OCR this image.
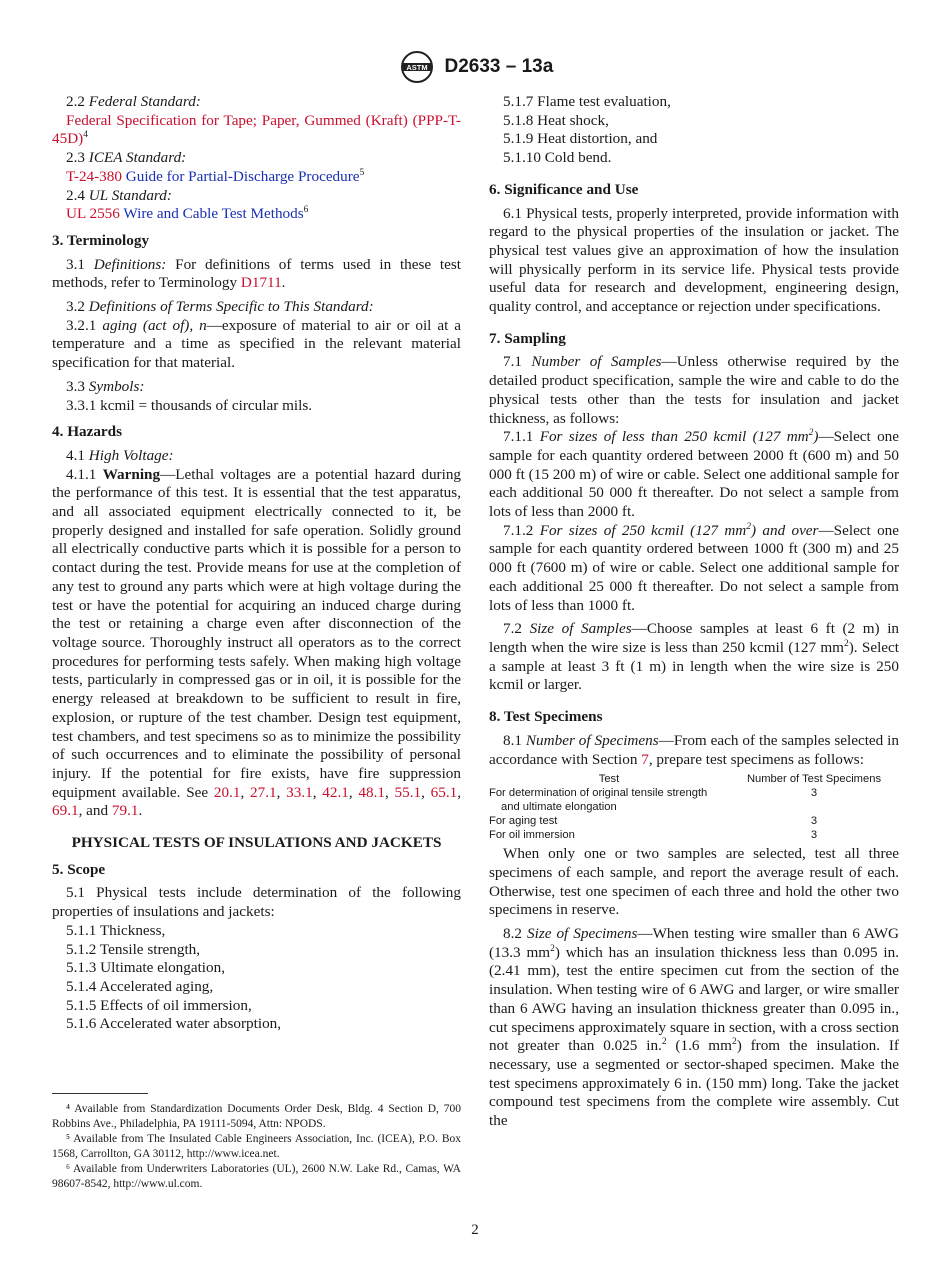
ASTM D2633 – 13a

2.2 Federal Standard:

Federal Specification for Tape; Paper, Gummed (Kraft) $(PPP-T-45D)^4$

2.3 ICEA Standard:

T-24-380 Guide for Partial-Discharge Procedure$^5$

2.4 UL Standard:

UL 2556 Wire and Cable Test Methods$^6$

3. Terminology

3.1 Definitions: For definitions of terms used in these test methods, refer to Terminology D1711.

3.2 Definitions of Terms Specific to This Standard:

3.2.1 aging (act of), n—exposure of material to air or oil at a temperature and a time as specified in the relevant material specification for that material.

3.3 Symbols:

3.3.1 kcmil = thousands of circular mils.

4. Hazards

4.1 High Voltage:

4.1.1 Warning—Lethal voltages are a potential hazard during the performance of this test. It is essential that the test apparatus, and all associated equipment electrically connected to it, be properly designed and installed for safe operation. Solidly ground all electrically conductive parts which it is possible for a person to contact during the test. Provide means for use at the completion of any test to ground any parts which were at high voltage during the test or have the potential for acquiring an induced charge during the test or retaining a charge even after disconnection of the voltage source. Thoroughly instruct all operators as to the correct procedures for performing tests safely. When making high voltage tests, particularly in compressed gas or in oil, it is possible for the energy released at breakdown to be sufficient to result in fire, explosion, or rupture of the test chamber. Design test equipment, test chambers, and test specimens so as to minimize the possibility of such occurrences and to eliminate the possibility of personal injury. If the potential for fire exists, have fire suppression equipment available. See 20.1, 27.1, 33.1, 42.1, 48.1, 55.1, 65.1, 69.1, and 79.1.

PHYSICAL TESTS OF INSULATIONS AND JACKETS
5. Scope

5.1 Physical tests include determination of the following properties of insulations and jackets:

5.1.1 Thickness,

5.1.2 Tensile strength,

5.1.3 Ultimate elongation,

5.1.4 Accelerated aging,

5.1.5 Effects of oil immersion,

5.1.6 Accelerated water absorption,

⁴ Available from Standardization Documents Order Desk, Bldg. 4 Section D, 700 Robbins Ave., Philadelphia, PA 19111-5094, Attn: NPODS.

⁵ Available from The Insulated Cable Engineers Association, Inc. (ICEA), P.O. Box 1568, Carrollton, GA 30112, http://www.icea.net.

⁶ Available from Underwriters Laboratories (UL), 2600 N.W. Lake Rd., Camas, WA 98607-8542, http://www.ul.com.

5.1.7 Flame test evaluation,

5.1.8 Heat shock,

5.1.9 Heat distortion, and

5.1.10 Cold bend.

6. Significance and Use

6.1 Physical tests, properly interpreted, provide information with regard to the physical properties of the insulation or jacket. The physical test values give an approximation of how the insulation will physically perform in its service life. Physical tests provide useful data for research and development, engineering design, quality control, and acceptance or rejection under specifications.

7. Sampling

7.1 Number of Samples—Unless otherwise required by the detailed product specification, sample the wire and cable to do the physical tests other than the tests for insulation and jacket thickness, as follows:

7.1.1 For sizes of less than 250 kcmil (127 $mm^2)—Select$ one sample for each quantity ordered between 2000 ft (600 m) and 50 000 ft (15 200 m) of wire or cable. Select one additional sample for each additional 50 000 ft thereafter. Do not select a sample from lots of less than 2000 ft.

7.1.2 For sizes of 250 kcmil (127 $mm^2$) and over—Select one sample for each quantity ordered between 1000 ft (300 m) and 25 000 ft (7600 m) of wire or cable. Select one additional sample for each additional 25 000 ft thereafter. Do not select a sample from lots of less than 1000 ft.

7.2 Size of Samples—Choose samples at least 6 ft (2 m) in length when the wire size is less than 250 kcmil (127 $mm^2$). Select a sample at least 3 ft (1 m) in length when the wire size is 250 kcmil or larger.

8. Test Specimens

8.1 Number of Specimens—From each of the samples selected in accordance with Section 7, prepare test specimens as follows:

Test	Number of Test Specimens
For determination of original tensile strength
and ultimate elongation	3
For aging test	3
For oil immersion	3

When only one or two samples are selected, test all three specimens of each sample, and report the average result of each. Otherwise, test one specimen of each three and hold the other two specimens in reserve.

8.2 Size of Specimens—When testing wire smaller than 6 AWG (13.3 $mm^2$) which has an insulation thickness less than 0.095 in. (2.41 mm), test the entire specimen cut from the section of the insulation. When testing wire of 6 AWG and larger, or wire smaller than 6 AWG having an insulation thickness greater than 0.095 in., cut specimens approximately square in section, with a cross section not greater than 0.025 in.$^2$ (1.6 $mm^2$) from the insulation. If necessary, use a segmented or sector-shaped specimen. Make the test specimens approximately 6 in. (150 mm) long. Take the jacket compound test specimens from the complete wire assembly. Cut the

2
